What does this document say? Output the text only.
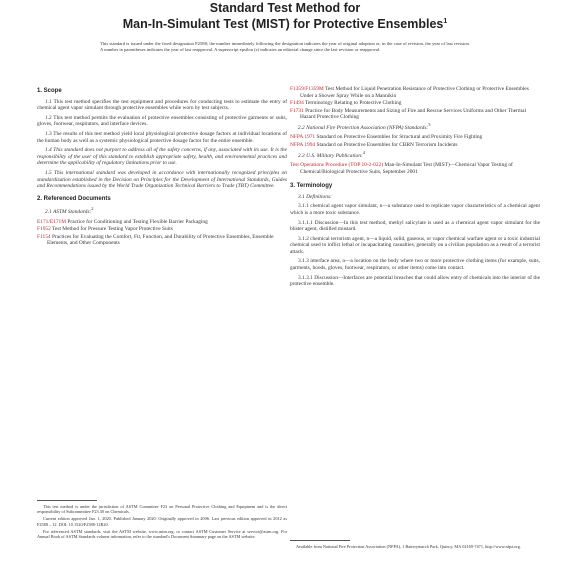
Standard Test Method for
Man-In-Simulant Test (MIST) for Protective Ensembles$^1$
This standard is issued under the fixed designation F2588; the number immediately following the designation indicates the year of original adoption or, in the case of revision, the year of last revision. A number in parentheses indicates the year of last reapproval. A superscript epsilon (ε) indicates an editorial change since the last revision or reapproval.
1. Scope

1.1 This test method specifies the test equipment and procedures for conducting tests to estimate the entry of chemical agent vapor simulant through protective ensembles while worn by test subjects.

1.2 This test method permits the evaluation of protective ensembles consisting of protective garments or suits, gloves, footwear, respirators, and interface devices.

1.3 The results of this test method yield local physiological protective dosage factors at individual locations of the human body as well as a systemic physiological protective dosage factor for the entire ensemble.

1.4 This standard does not purport to address all of the safety concerns, if any, associated with its use. It is the responsibility of the user of this standard to establish appropriate safety, health, and environmental practices and determine the applicability of regulatory limitations prior to use.

1.5 This international standard was developed in accordance with internationally recognized principles on standardization established in the Decision on Principles for the Development of International Standards, Guides and Recommendations issued by the World Trade Organization Technical Barriers to Trade (TBT) Committee.

2. Referenced Documents

2.1 ASTM Standards:$^2$

E171/E171M Practice for Conditioning and Testing Flexible Barrier Packaging

F1052 Test Method for Pressure Testing Vapor Protective Suits

F1154 Practices for Evaluating the Comfort, Fit, Function, and Durability of Protective Ensembles, Ensemble Elements, and Other Components

F1359/F1359M Test Method for Liquid Penetration Resistance of Protective Clothing or Protective Ensembles Under a Shower Spray While on a Mannikin

F1494 Terminology Relating to Protective Clothing

F1731 Practice for Body Measurements and Sizing of Fire and Rescue Services Uniforms and Other Thermal Hazard Protective Clothing

2.2 National Fire Protection Association (NFPA) Standards:$^3$

NFPA 1971 Standard on Protective Ensembles for Structural and Proximity Fire Fighting

NFPA 1994 Standard on Protective Ensembles for CBRN Terrorism Incidents

2.3 U.S. Military Publication:$^4$

Test Operations Procedure (TOP 10-2-022) Man-In-Simulant Test (MIST)—Chemical Vapor Testing of Chemical/Biological Protective Suits, September 2001

3. Terminology

3.1 Definitions:

3.1.1 chemical agent vapor simulant, n—a substance used to replicate vapor characteristics of a chemical agent which is a more toxic substance.

3.1.1.1 Discussion—In this test method, methyl salicylate is used as a chemical agent vapor simulant for the blister agent, distilled mustard.

3.1.2 chemical terrorism agent, n—a liquid, solid, gaseous, or vapor chemical warfare agent or a toxic industrial chemical used to inflict lethal or incapacitating casualties, generally on a civilian population as a result of a terrorist attack.

3.1.3 interface area, n—a location on the body where two or more protective clothing items (for example, suits, garments, hoods, gloves, footwear, respirators, or other items) come into contact.

3.1.3.1 Discussion—Interfaces are potential breaches that could allow entry of chemicals into the interior of the protective ensemble.

This test method is under the jurisdiction of ASTM Committee F23 on Personal Protective Clothing and Equipment and is the direct responsibility of Subcommittee F23.30 on Chemicals.

Current edition approved Jan. 1, 2020. Published January 2020. Originally approved in 2006. Last previous edition approved in 2012 as F2588 – 12. DOI: 10.1520/F2588-12R20.

For referenced ASTM standards, visit the ASTM website, www.astm.org, or contact ASTM Customer Service at service@astm.org. For Annual Book of ASTM Standards volume information, refer to the standard's Document Summary page on the ASTM website.

Available from National Fire Protection Association (NFPA), 1 Batterymarch Park, Quincy, MA 02169-7471, http://www.nfpa.org.
